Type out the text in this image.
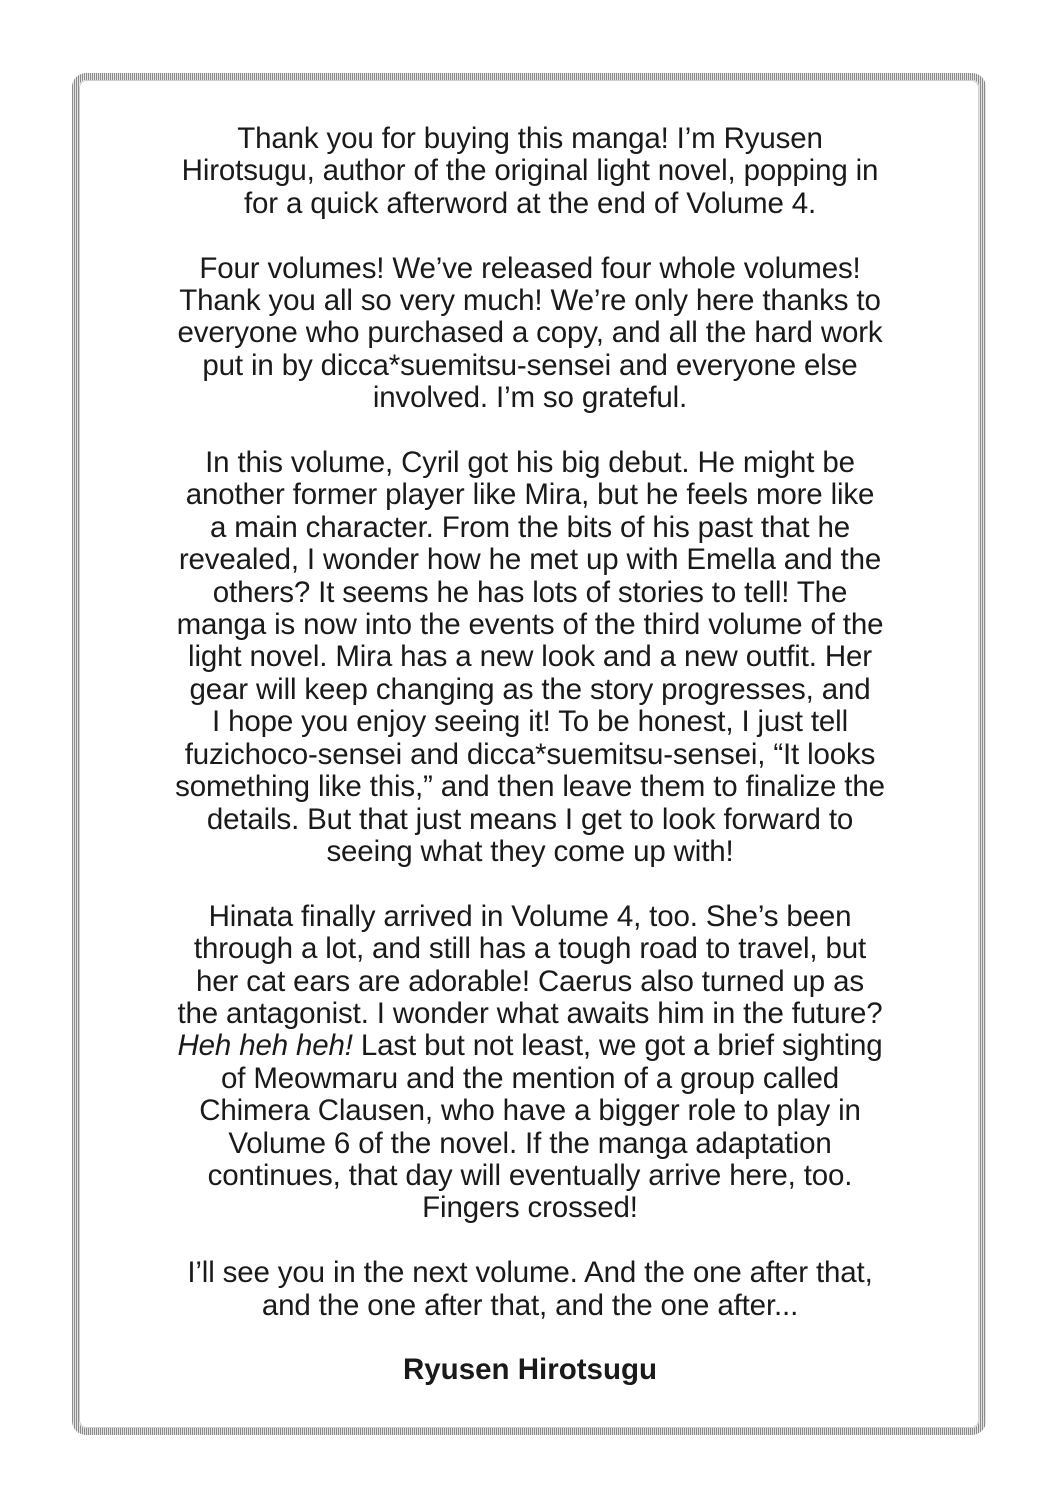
Thank you for buying this manga! I’m Ryusen
Hirotsugu, author of the original light novel, popping in
for a quick afterword at the end of Volume 4.

Four volumes! We’ve released four whole volumes!
Thank you all so very much! We’re only here thanks to
everyone who purchased a copy, and all the hard work
put in by dicca*suemitsu-sensei and everyone else
involved. I’m so grateful.

In this volume, Cyril got his big debut. He might be
another former player like Mira, but he feels more like
a main character. From the bits of his past that he
revealed, I wonder how he met up with Emella and the
others? It seems he has lots of stories to tell! The
manga is now into the events of the third volume of the
light novel. Mira has a new look and a new outfit. Her
gear will keep changing as the story progresses, and
I hope you enjoy seeing it! To be honest, I just tell
fuzichoco-sensei and dicca*suemitsu-sensei, “It looks
something like this,” and then leave them to finalize the
details. But that just means I get to look forward to
seeing what they come up with!

Hinata finally arrived in Volume 4, too. She’s been
through a lot, and still has a tough road to travel, but
her cat ears are adorable! Caerus also turned up as
the antagonist. I wonder what awaits him in the future?
Heh heh heh! Last but not least, we got a brief sighting
of Meowmaru and the mention of a group called
Chimera Clausen, who have a bigger role to play in
Volume 6 of the novel. If the manga adaptation
continues, that day will eventually arrive here, too.
Fingers crossed!

I’ll see you in the next volume. And the one after that,
and the one after that, and the one after...

Ryusen Hirotsugu
